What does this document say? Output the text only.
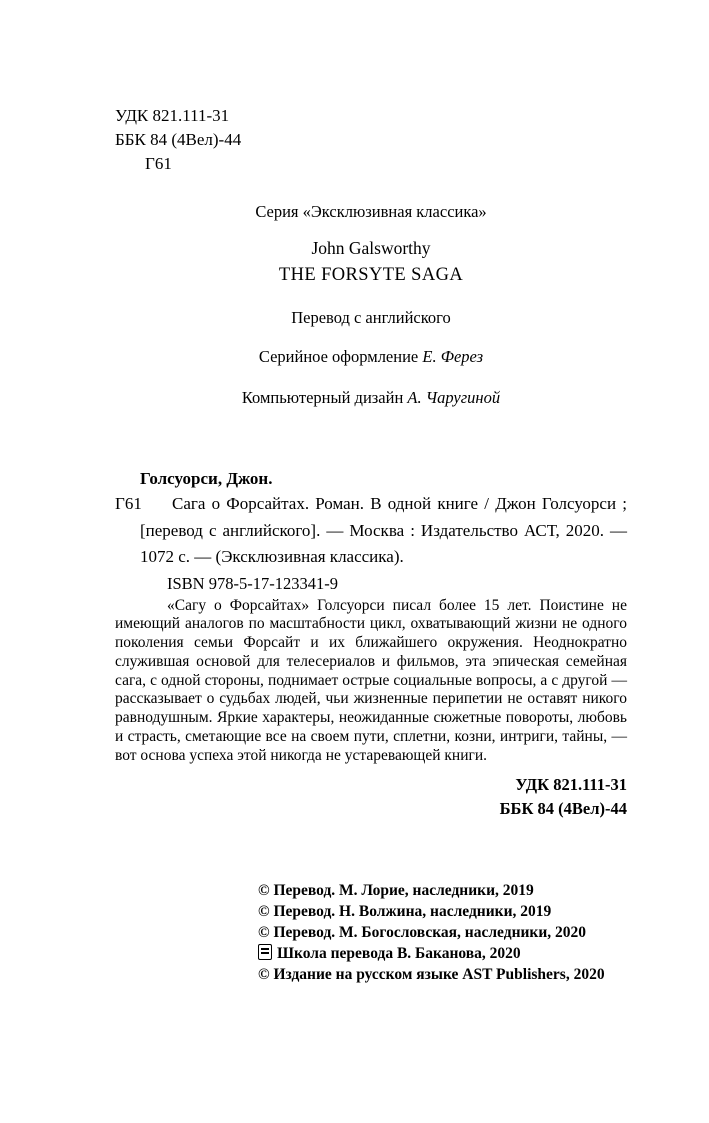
УДК 821.111-31
ББК 84 (4Вел)-44
Г61
Серия «Эксклюзивная классика»
John Galsworthy
THE FORSYTE SAGA
Перевод с английского
Серийное оформление Е. Ферез
Компьютерный дизайн А. Чаругиной
Голсуорси, Джон.
Г61	Сага о Форсайтах. Роман. В одной книге / Джон Голсуорси ; [перевод с английского]. — Москва : Издательство АСТ, 2020. — 1072 с. — (Эксклюзивная классика).

ISBN 978-5-17-123341-9

«Сагу о Форсайтах» Голсуорси писал более 15 лет. Поистине не имеющий аналогов по масштабности цикл, охватывающий жизни не одного поколения семьи Форсайт и их ближайшего окружения. Неоднократно служившая основой для телесериалов и фильмов, эта эпическая семейная сага, с одной стороны, поднимает острые социальные вопросы, а с другой — рассказывает о судьбах людей, чьи жизненные перипетии не оставят никого равнодушным. Яркие характеры, неожиданные сюжетные повороты, любовь и страсть, сметающие все на своем пути, сплетни, козни, интриги, тайны, — вот основа успеха этой никогда не устаревающей книги.

УДК 821.111-31
ББК 84 (4Вел)-44
© Перевод. М. Лорие, наследники, 2019
© Перевод. Н. Волжина, наследники, 2019
© Перевод. М. Богословская, наследники, 2020
Школа перевода В. Баканова, 2020
© Издание на русском языке AST Publishers, 2020
